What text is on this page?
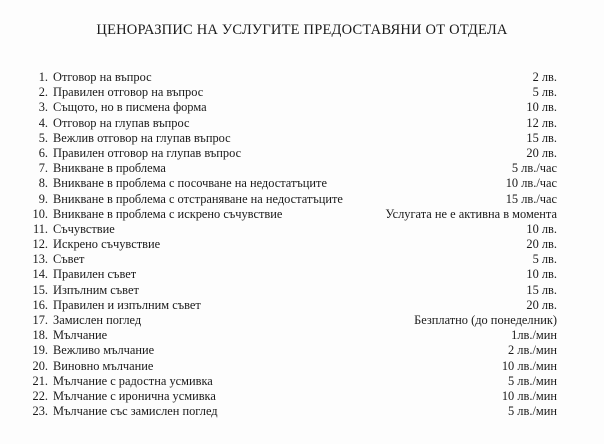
ЦЕНОРАЗПИС НА УСЛУГИТЕ ПРЕДОСТАВЯНИ ОТ ОТДЕЛА
1. Отговор на въпрос	2 лв.
2. Правилен отговор на въпрос	5 лв.
3. Същото, но в писмена форма	10 лв.
4. Отговор на глупав въпрос	12 лв.
5. Вежлив отговор на глупав въпрос	15 лв.
6. Правилен отговор на глупав въпрос	20 лв.
7. Вникване в проблема	5 лв./час
8. Вникване в проблема с посочване на недостатъците	10 лв./час
9. Вникване в проблема с отстраняване на недостатъците	15 лв./час
10. Вникване в проблема с искрено съчувствие	Услугата не е активна в момента
11. Съчувствие	10 лв.
12. Искрено съчувствие	20 лв.
13. Съвет	5 лв.
14. Правилен съвет	10 лв.
15. Изпълним съвет	15 лв.
16. Правилен и изпълним съвет	20 лв.
17. Замислен поглед	Безплатно (до понеделник)
18. Мълчание	1лв./мин
19. Вежливо мълчание	2 лв./мин
20. Виновно мълчание	10 лв./мин
21. Мълчание с радостна усмивка	5 лв./мин
22. Мълчание с иронична усмивка	10 лв./мин
23. Мълчание със замислен поглед	5 лв./мин
